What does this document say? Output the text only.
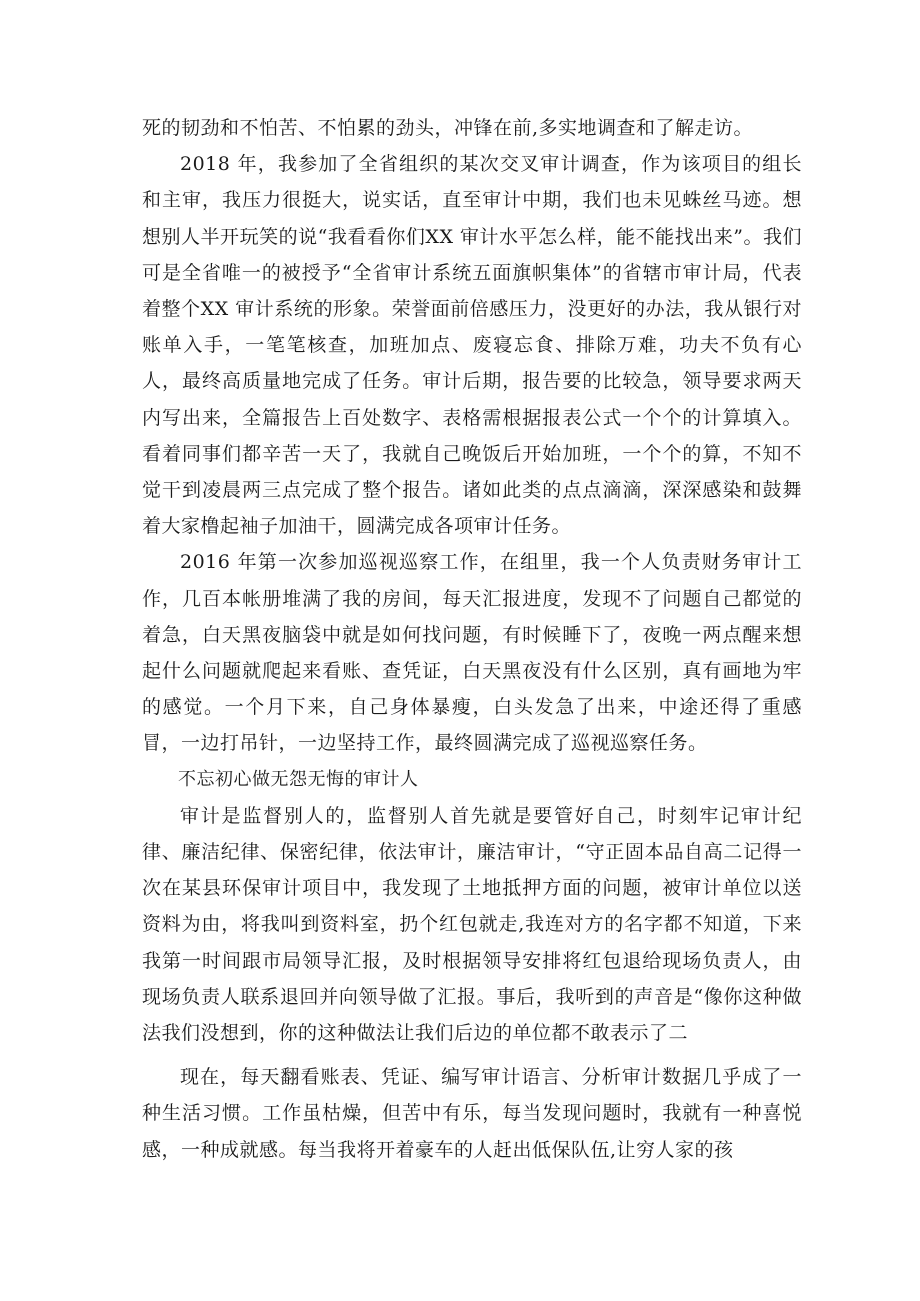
死的韧劲和不怕苦、不怕累的劲头，冲锋在前,多实地调查和了解走访。

2018 年，我参加了全省组织的某次交叉审计调查，作为该项目的组长和主审，我压力很挺大，说实话，直至审计中期，我们也未见蛛丝马迹。想想别人半开玩笑的说“我看看你们XX 审计水平怎么样，能不能找出来”。我们可是全省唯一的被授予“全省审计系统五面旗帜集体”的省辖市审计局，代表着整个XX 审计系统的形象。荣誉面前倍感压力，没更好的办法，我从银行对账单入手，一笔笔核查，加班加点、废寝忘食、排除万难，功夫不负有心人，最终高质量地完成了任务。审计后期，报告要的比较急，领导要求两天内写出来，全篇报告上百处数字、表格需根据报表公式一个个的计算填入。看着同事们都辛苦一天了，我就自己晚饭后开始加班，一个个的算，不知不觉干到凌晨两三点完成了整个报告。诸如此类的点点滴滴，深深感染和鼓舞着大家橹起袖子加油干，圆满完成各项审计任务。

2016 年第一次参加巡视巡察工作，在组里，我一个人负责财务审计工作，几百本帐册堆满了我的房间，每天汇报进度，发现不了问题自己都觉的着急，白天黑夜脑袋中就是如何找问题，有时候睡下了，夜晚一两点醒来想起什么问题就爬起来看账、查凭证，白天黑夜没有什么区别，真有画地为牢的感觉。一个月下来，自己身体暴瘦，白头发急了出来，中途还得了重感冒，一边打吊针，一边坚持工作，最终圆满完成了巡视巡察任务。

不忘初心做无怨无悔的审计人

审计是监督别人的，监督别人首先就是要管好自己，时刻牢记审计纪律、廉洁纪律、保密纪律，依法审计，廉洁审计，“守正固本品自高二记得一次在某县环保审计项目中，我发现了土地抵押方面的问题，被审计单位以送资料为由，将我叫到资料室，扔个红包就走,我连对方的名字都不知道，下来我第一时间跟市局领导汇报，及时根据领导安排将红包退给现场负责人，由现场负责人联系退回并向领导做了汇报。事后，我听到的声音是“像你这种做法我们没想到，你的这种做法让我们后边的单位都不敢表示了二

现在，每天翻看账表、凭证、编写审计语言、分析审计数据几乎成了一种生活习惯。工作虽枯燥，但苦中有乐，每当发现问题时，我就有一种喜悦感，一种成就感。每当我将开着豪车的人赶出低保队伍,让穷人家的孩
